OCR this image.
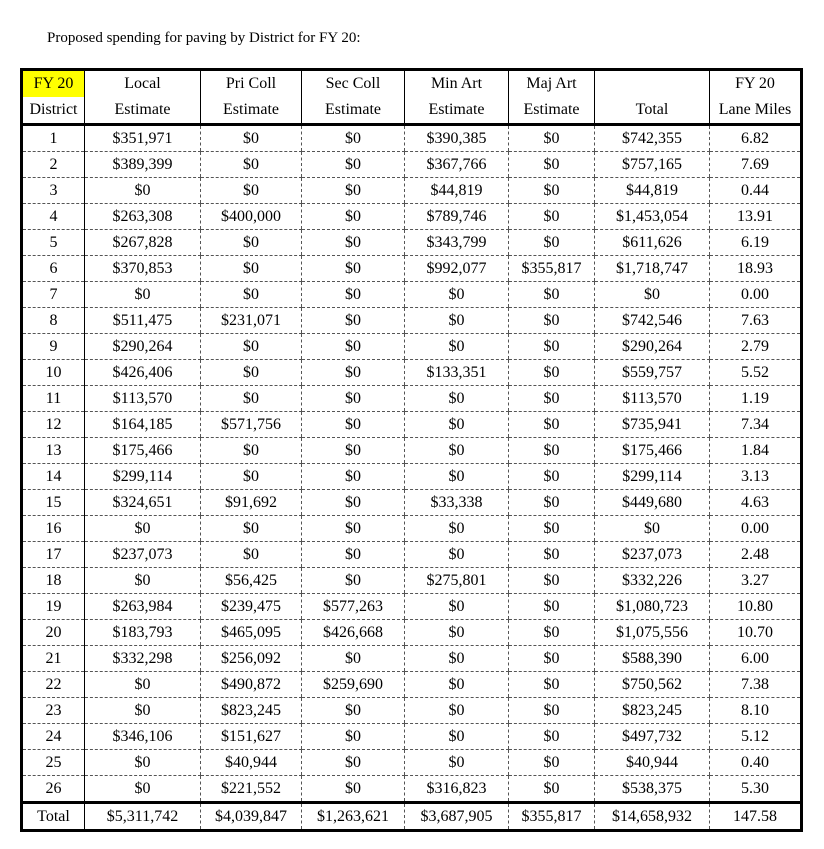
Proposed spending for paving by District for FY 20:
FY 20	Local	Pri Coll	Sec Coll	Min Art	Maj Art		FY 20
District	Estimate	Estimate	Estimate	Estimate	Estimate	Total	Lane Miles
1	$351,971	$0	$0	$390,385	$0	$742,355	6.82
2	$389,399	$0	$0	$367,766	$0	$757,165	7.69
3	$0	$0	$0	$44,819	$0	$44,819	0.44
4	$263,308	$400,000	$0	$789,746	$0	$1,453,054	13.91
5	$267,828	$0	$0	$343,799	$0	$611,626	6.19
6	$370,853	$0	$0	$992,077	$355,817	$1,718,747	18.93
7	$0	$0	$0	$0	$0	$0	0.00
8	$511,475	$231,071	$0	$0	$0	$742,546	7.63
9	$290,264	$0	$0	$0	$0	$290,264	2.79
10	$426,406	$0	$0	$133,351	$0	$559,757	5.52
11	$113,570	$0	$0	$0	$0	$113,570	1.19
12	$164,185	$571,756	$0	$0	$0	$735,941	7.34
13	$175,466	$0	$0	$0	$0	$175,466	1.84
14	$299,114	$0	$0	$0	$0	$299,114	3.13
15	$324,651	$91,692	$0	$33,338	$0	$449,680	4.63
16	$0	$0	$0	$0	$0	$0	0.00
17	$237,073	$0	$0	$0	$0	$237,073	2.48
18	$0	$56,425	$0	$275,801	$0	$332,226	3.27
19	$263,984	$239,475	$577,263	$0	$0	$1,080,723	10.80
20	$183,793	$465,095	$426,668	$0	$0	$1,075,556	10.70
21	$332,298	$256,092	$0	$0	$0	$588,390	6.00
22	$0	$490,872	$259,690	$0	$0	$750,562	7.38
23	$0	$823,245	$0	$0	$0	$823,245	8.10
24	$346,106	$151,627	$0	$0	$0	$497,732	5.12
25	$0	$40,944	$0	$0	$0	$40,944	0.40
26	$0	$221,552	$0	$316,823	$0	$538,375	5.30
Total	$5,311,742	$4,039,847	$1,263,621	$3,687,905	$355,817	$14,658,932	147.58
